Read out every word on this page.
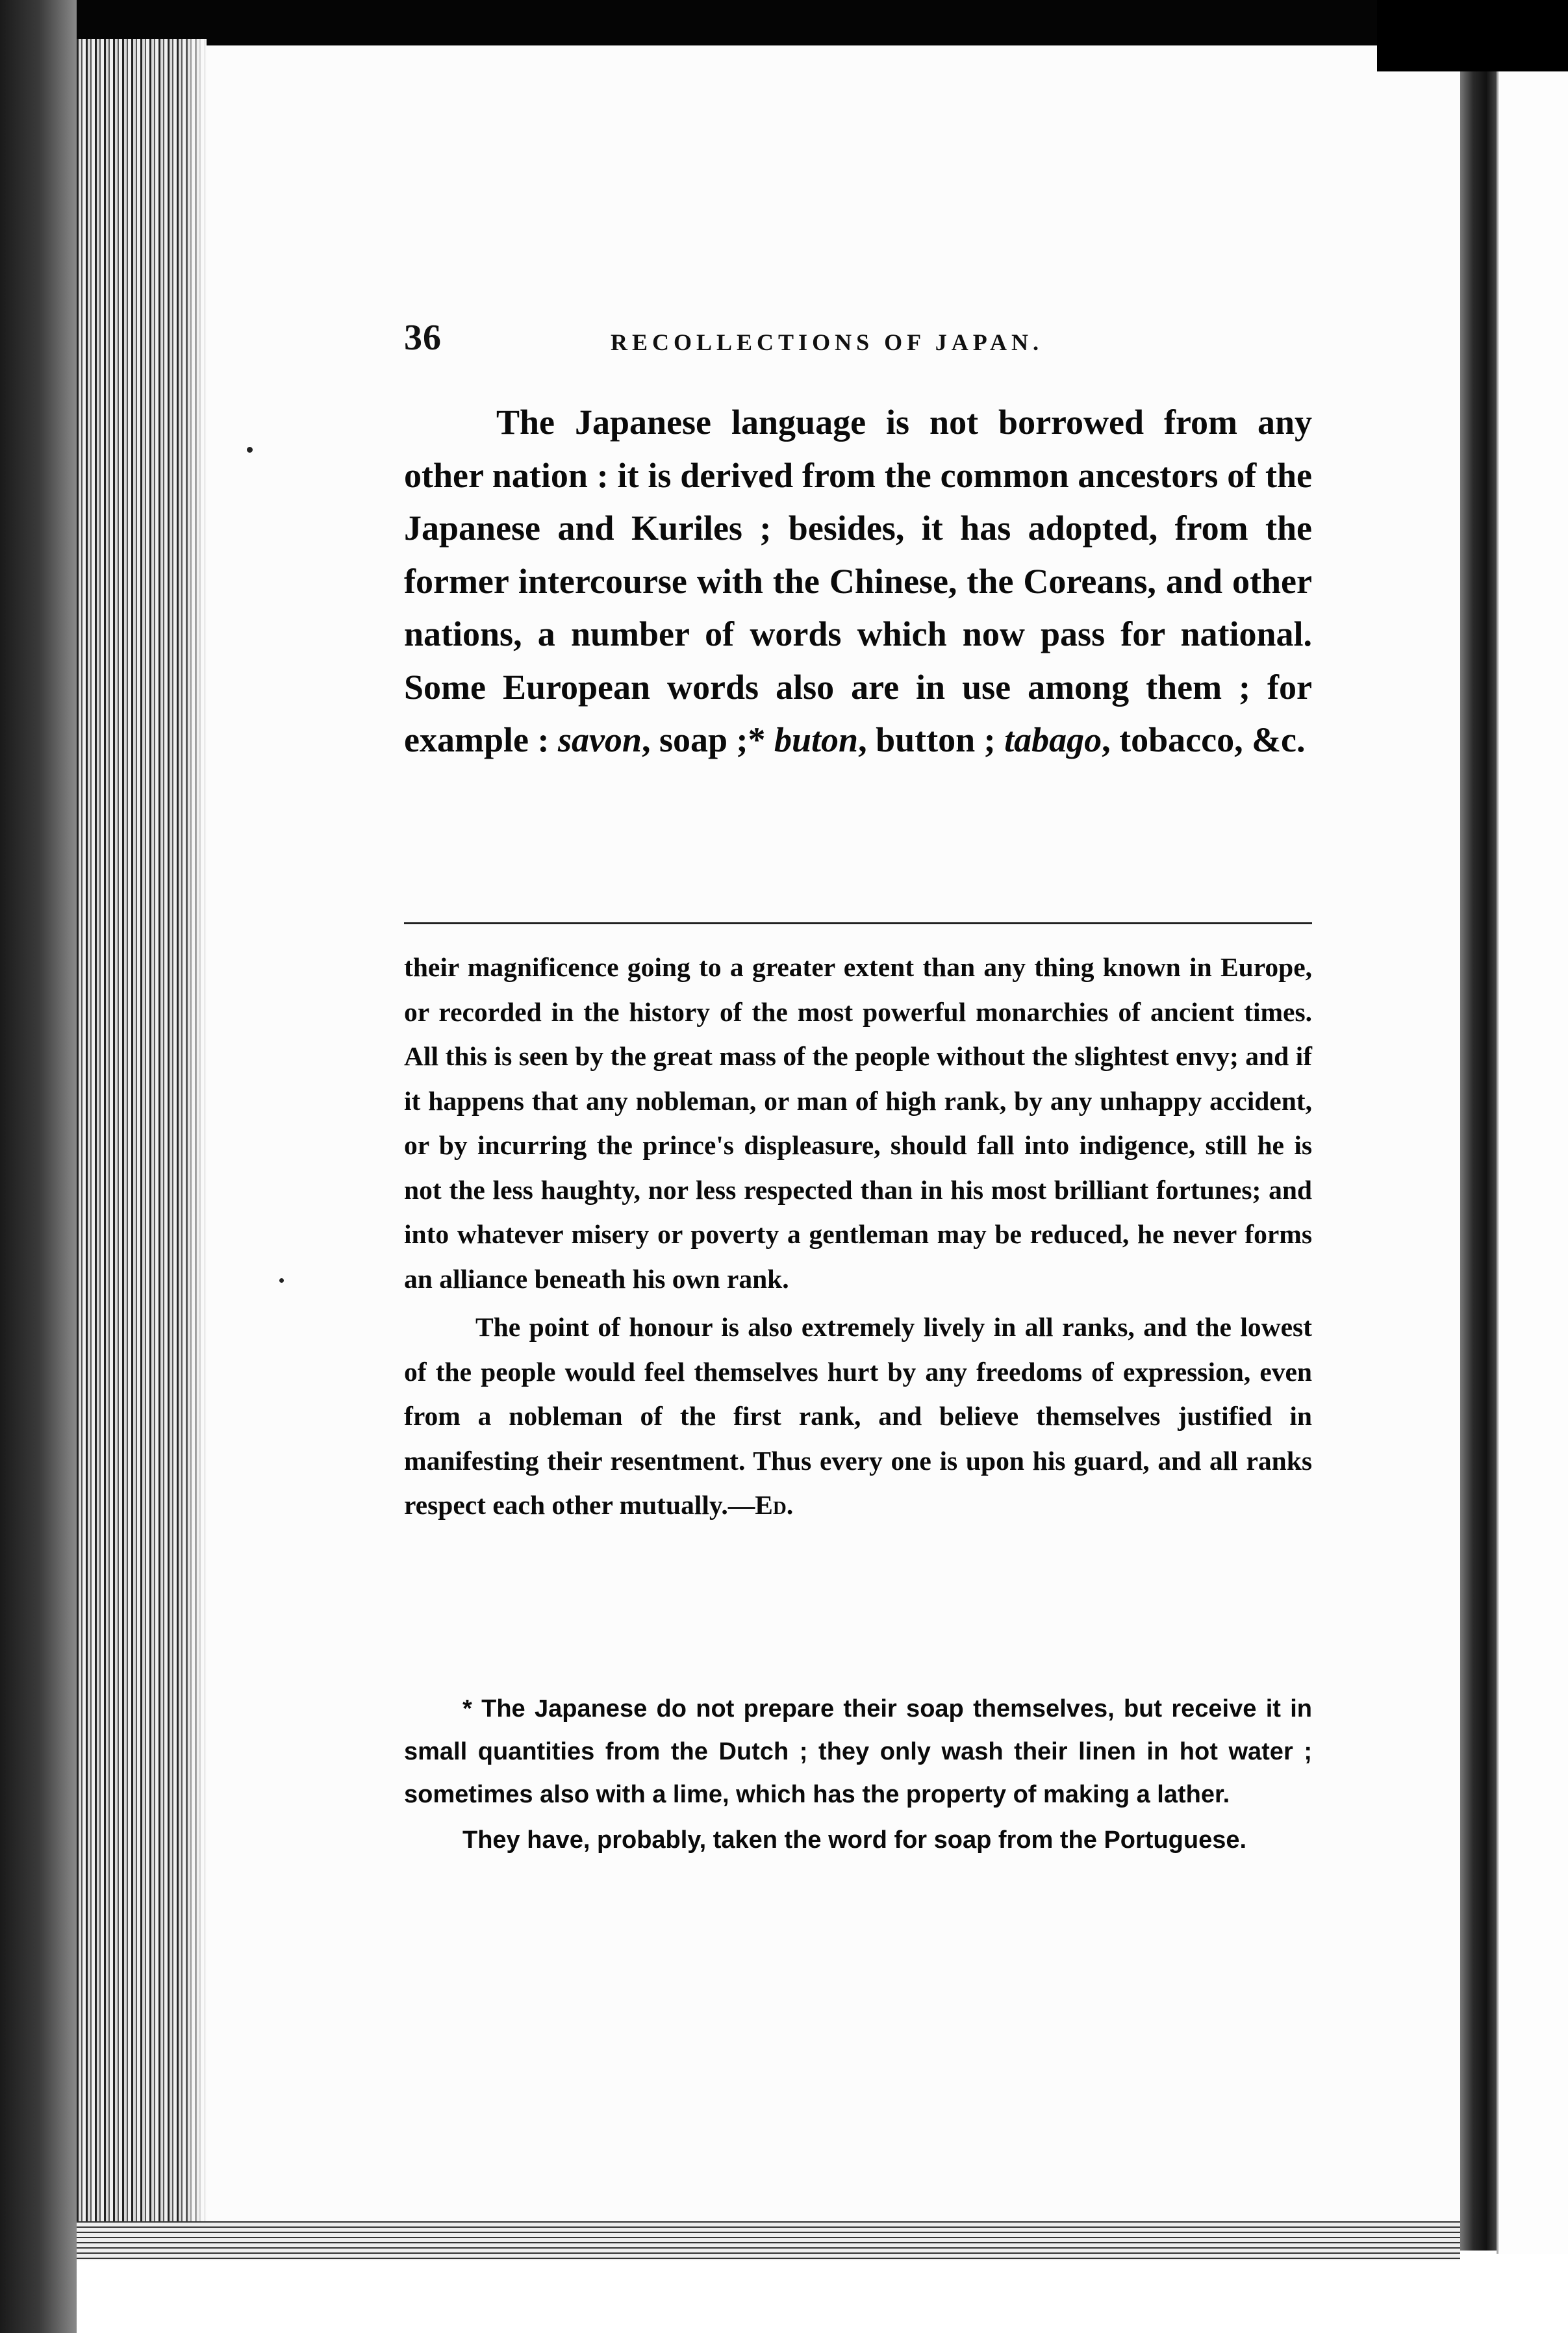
36	RECOLLECTIONS OF JAPAN.

The Japanese language is not borrowed from any other nation : it is derived from the common ancestors of the Japanese and Kuriles ; besides, it has adopted, from the former intercourse with the Chinese, the Coreans, and other nations, a number of words which now pass for national. Some European words also are in use among them ; for example : savon, soap ;* buton, button ; tabago, tobacco, &c.

their magnificence going to a greater extent than any thing known in Europe, or recorded in the history of the most powerful monarchies of ancient times. All this is seen by the great mass of the people without the slightest envy; and if it happens that any nobleman, or man of high rank, by any unhappy accident, or by incurring the prince's displeasure, should fall into indigence, still he is not the less haughty, nor less respected than in his most brilliant fortunes; and into whatever misery or poverty a gentleman may be reduced, he never forms an alliance beneath his own rank.

The point of honour is also extremely lively in all ranks, and the lowest of the people would feel themselves hurt by any freedoms of expression, even from a nobleman of the first rank, and believe themselves justified in manifesting their resentment. Thus every one is upon his guard, and all ranks respect each other mutually.—Ed.

* The Japanese do not prepare their soap themselves, but receive it in small quantities from the Dutch ; they only wash their linen in hot water ; sometimes also with a lime, which has the property of making a lather.

They have, probably, taken the word for soap from the Portuguese.
